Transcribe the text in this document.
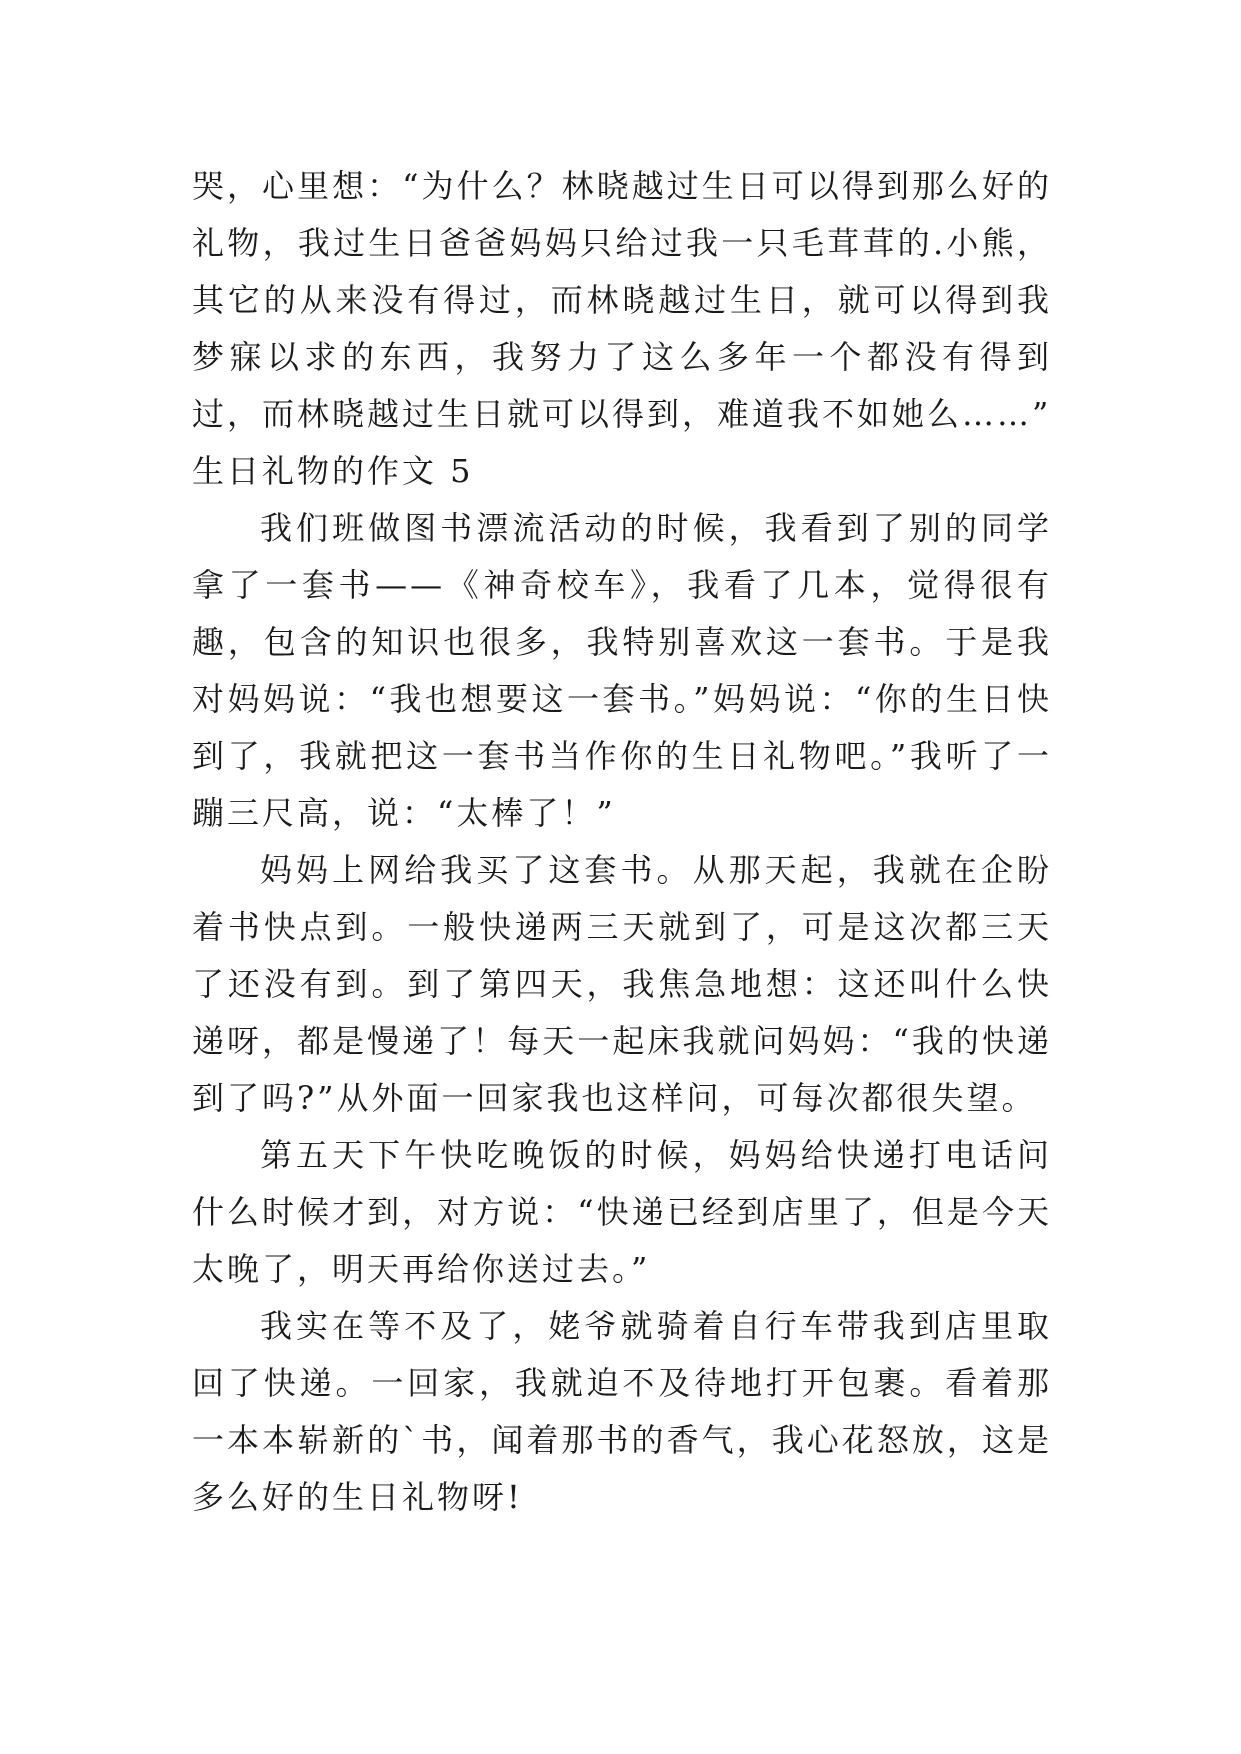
哭，心里想：“为什么？林晓越过生日可以得到那么好的礼物，我过生日爸爸妈妈只给过我一只毛茸茸的.小熊，其它的从来没有得过，而林晓越过生日，就可以得到我梦寐以求的东西，我努力了这么多年一个都没有得到过，而林晓越过生日就可以得到，难道我不如她么……”

生日礼物的作文 5

我们班做图书漂流活动的时候，我看到了别的同学拿了一套书——《神奇校车》，我看了几本，觉得很有趣，包含的知识也很多，我特别喜欢这一套书。于是我对妈妈说：“我也想要这一套书。”妈妈说：“你的生日快到了，我就把这一套书当作你的生日礼物吧。”我听了一蹦三尺高，说：“太棒了！”

妈妈上网给我买了这套书。从那天起，我就在企盼着书快点到。一般快递两三天就到了，可是这次都三天了还没有到。到了第四天，我焦急地想：这还叫什么快递呀，都是慢递了！每天一起床我就问妈妈：“我的快递到了吗?”从外面一回家我也这样问，可每次都很失望。

第五天下午快吃晚饭的时候，妈妈给快递打电话问什么时候才到，对方说：“快递已经到店里了，但是今天太晚了，明天再给你送过去。”

我实在等不及了，姥爷就骑着自行车带我到店里取回了快递。一回家，我就迫不及待地打开包裹。看着那一本本崭新的`书，闻着那书的香气，我心花怒放，这是多么好的生日礼物呀!
